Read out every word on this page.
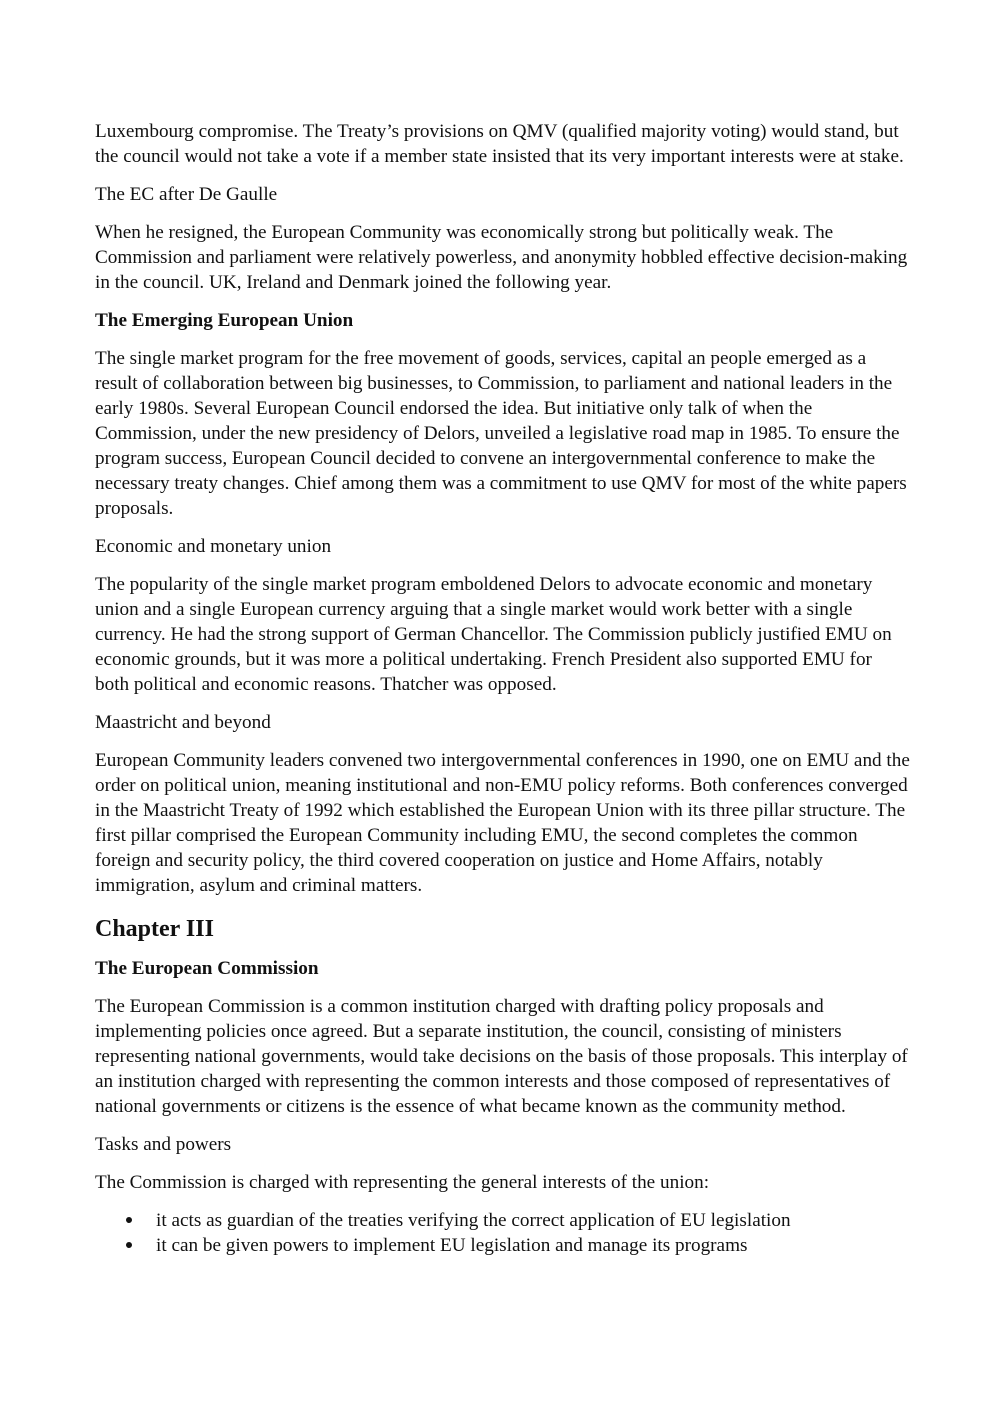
Luxembourg compromise. The Treaty’s provisions on QMV (qualified majority voting) would stand, but the council would not take a vote if a member state insisted that its very important interests were at stake.

The EC after De Gaulle

When he resigned, the European Community was economically strong but politically weak. The Commission and parliament were relatively powerless, and anonymity hobbled effective decision-making in the council. UK, Ireland and Denmark joined the following year.

The Emerging European Union

The single market program for the free movement of goods, services, capital an people emerged as a result of collaboration between big businesses, to Commission, to parliament and national leaders in the early 1980s. Several European Council endorsed the idea. But initiative only talk of when the Commission, under the new presidency of Delors, unveiled a legislative road map in 1985. To ensure the program success, European Council decided to convene an intergovernmental conference to make the necessary treaty changes. Chief among them was a commitment to use QMV for most of the white papers proposals.

Economic and monetary union

The popularity of the single market program emboldened Delors to advocate economic and monetary union and a single European currency arguing that a single market would work better with a single currency. He had the strong support of German Chancellor. The Commission publicly justified EMU on economic grounds, but it was more a political undertaking. French President also supported EMU for both political and economic reasons. Thatcher was opposed.

Maastricht and beyond

European Community leaders convened two intergovernmental conferences in 1990, one on EMU and the order on political union, meaning institutional and non-EMU policy reforms. Both conferences converged in the Maastricht Treaty of 1992 which established the European Union with its three pillar structure. The first pillar comprised the European Community including EMU, the second completes the common foreign and security policy, the third covered cooperation on justice and Home Affairs, notably immigration, asylum and criminal matters.

Chapter III

The European Commission

The European Commission is a common institution charged with drafting policy proposals and implementing policies once agreed. But a separate institution, the council, consisting of ministers representing national governments, would take decisions on the basis of those proposals. This interplay of an institution charged with representing the common interests and those composed of representatives of national governments or citizens is the essence of what became known as the community method.

Tasks and powers

The Commission is charged with representing the general interests of the union:

it acts as guardian of the treaties verifying the correct application of EU legislation
it can be given powers to implement EU legislation and manage its programs
